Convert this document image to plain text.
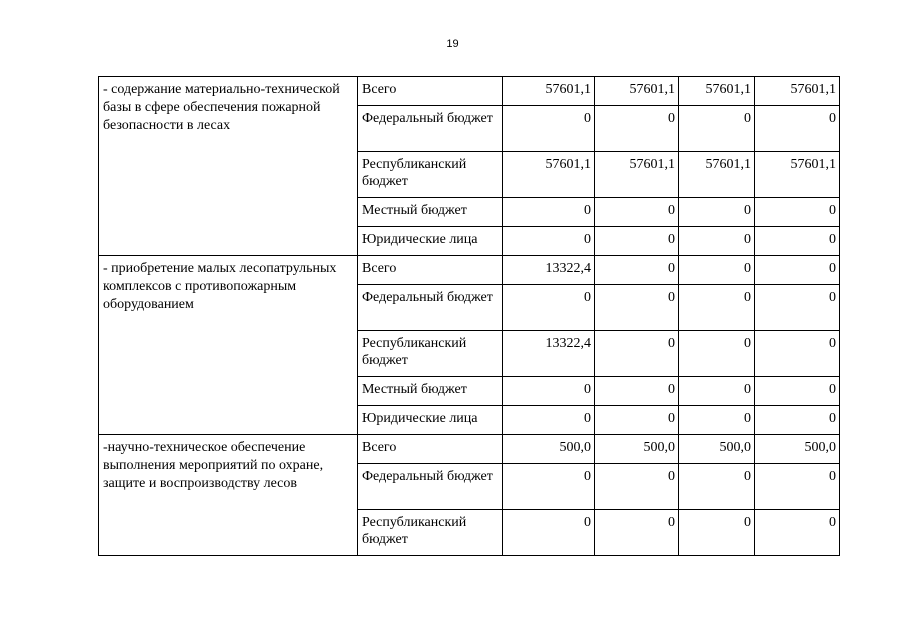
19
- содержание материально-технической базы в сфере обеспечения пожарной безопасности в лесах	Всего	57601,1	57601,1	57601,1	57601,1
	Федеральный бюджет	0	0	0	0
	Республиканский бюджет	57601,1	57601,1	57601,1	57601,1
	Местный бюджет	0	0	0	0
	Юридические лица	0	0	0	0
- приобретение малых лесопатрульных комплексов с противопожарным оборудованием	Всего	13322,4	0	0	0
	Федеральный бюджет	0	0	0	0
	Республиканский бюджет	13322,4	0	0	0
	Местный бюджет	0	0	0	0
	Юридические лица	0	0	0	0
-научно-техническое обеспечение выполнения мероприятий по охране, защите и воспроизводству лесов	Всего	500,0	500,0	500,0	500,0
	Федеральный бюджет	0	0	0	0
	Республиканский бюджет	0	0	0	0
